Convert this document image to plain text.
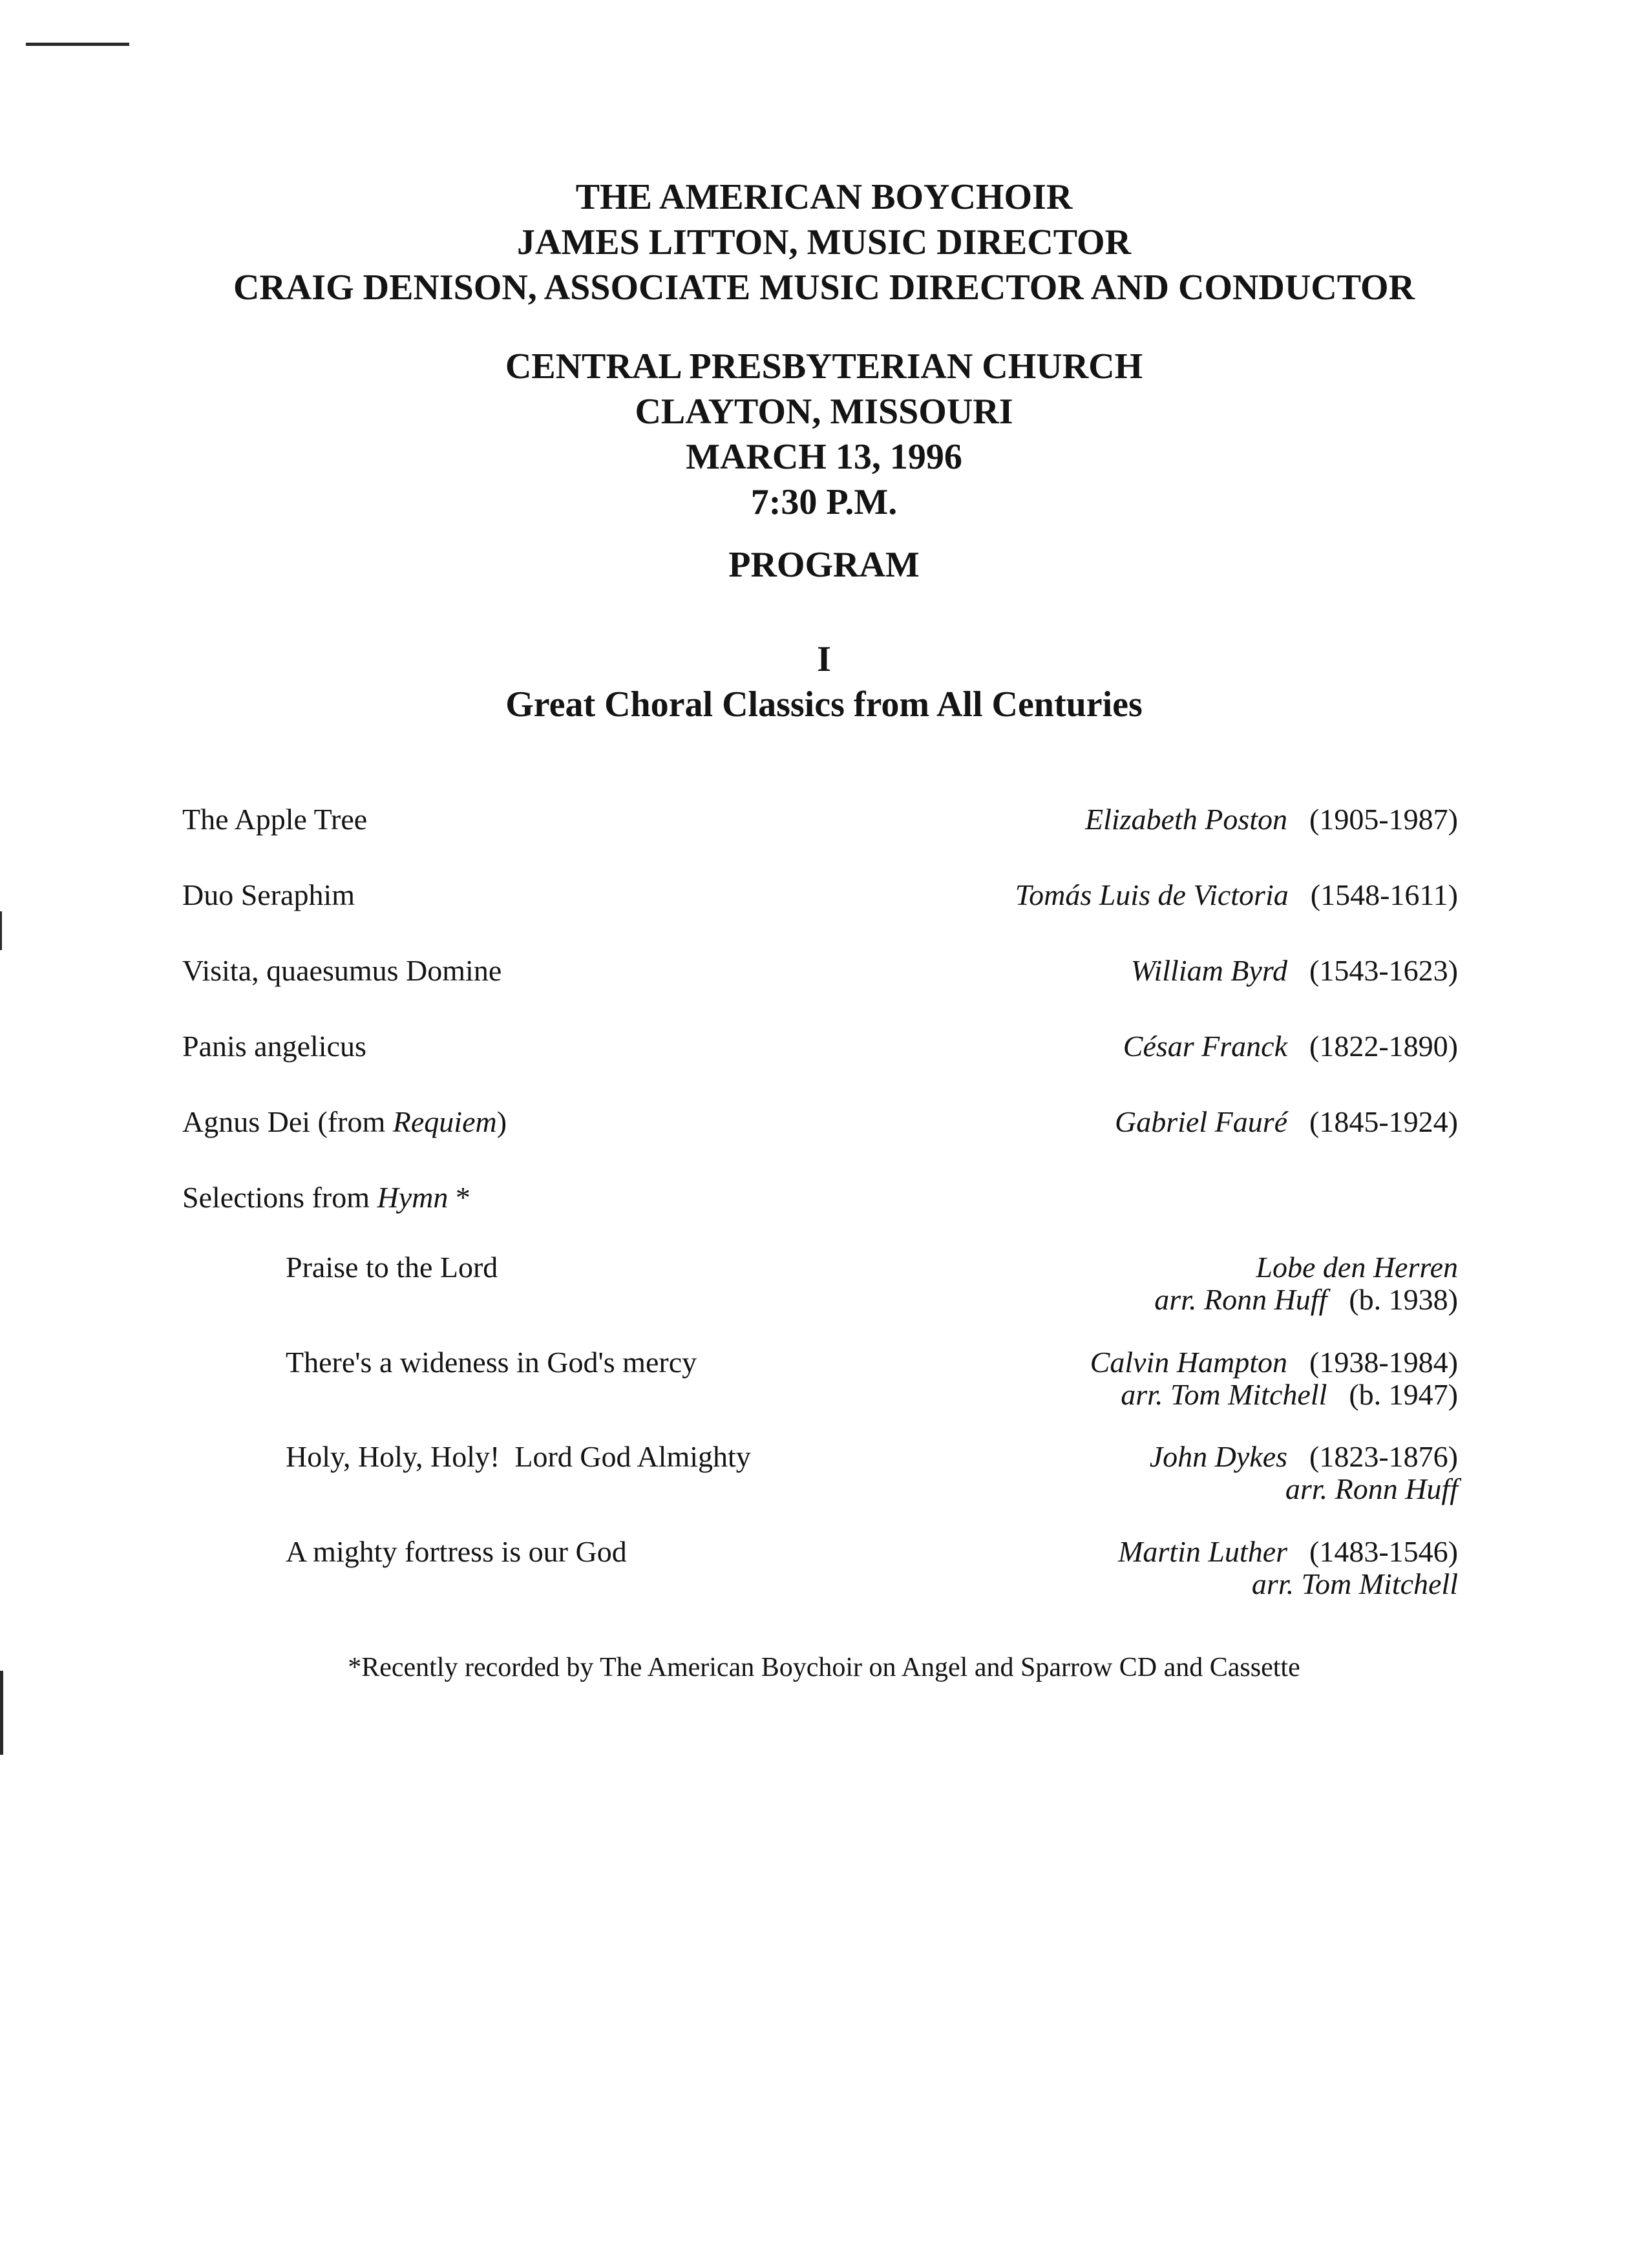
THE AMERICAN BOYCHOIR
JAMES LITTON, MUSIC DIRECTOR
CRAIG DENISON, ASSOCIATE MUSIC DIRECTOR AND CONDUCTOR
CENTRAL PRESBYTERIAN CHURCH
CLAYTON, MISSOURI
MARCH 13, 1996
7:30 P.M.
PROGRAM
I
Great Choral Classics from All Centuries
The Apple Tree	Elizabeth Poston (1905-1987)
Duo Seraphim	Tomás Luis de Victoria (1548-1611)
Visita, quaesumus Domine	William Byrd (1543-1623)
Panis angelicus	César Franck (1822-1890)
Agnus Dei (from Requiem)	Gabriel Fauré (1845-1924)
Selections from Hymn *
Praise to the Lord	Lobe den Herren
arr. Ronn Huff (b. 1938)
There's a wideness in God's mercy	Calvin Hampton (1938-1984)
arr. Tom Mitchell (b. 1947)
Holy, Holy, Holy!  Lord God Almighty	John Dykes (1823-1876)
arr. Ronn Huff
A mighty fortress is our God	Martin Luther (1483-1546)
arr. Tom Mitchell
*Recently recorded by The American Boychoir on Angel and Sparrow CD and Cassette
